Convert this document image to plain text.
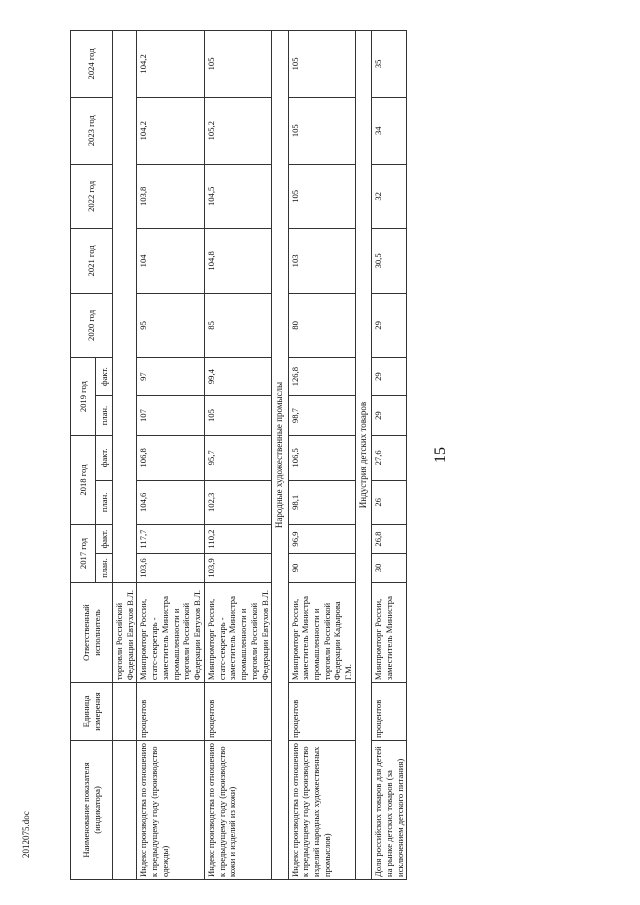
15
Наименование показателя (индикатора)	Единица измерения	Ответственный исполнитель	2017 год		2018 год		2019 год		2020 год	2021 год	2022 год	2023 год	2024 год
			план.	факт.	план.	факт.	план.	факт.					
		торговли Российской Федерации Евтухов В.Л.											
Индекс производства по отношению к предыдущему году (производство одежды)	процентов	Минпромторг России, статс-секретарь - заместитель Министра промышленности и торговли Российской Федерации Евтухов В.Л.	103,6	117,7	104,6	106,8	107	97	95	104	103,8	104,2	104,2
Индекс производства по отношению к предыдущему году (производство кожи и изделий из кожи)	процентов	Минпромторг России, статс-секретарь - заместитель Министра промышленности и торговли Российской Федерации Евтухов В.Л.	103,9	110,2	102,3	95,7	105	99,4	85	104,8	104,5	105,2	105
Народные художественные промыслы													
Индекс производства по отношению к предыдущему году (производство изделий народных художественных промыслов)	процентов	Минпромторг России, заместитель Министра промышленности и торговли Российской Федерации Кадырова Г.М.	90	96,9	98,1	106,5	98,7	126,8	80	103	105	105	105
Индустрия детских товаров													
Доля российских товаров для детей на рынке детских товаров (за исключением детского питания)	процентов	Минпромторг России, заместитель Министра	30	26,8	26	27,6	29	29	29	30,5	32	34	35
2012075.doc
